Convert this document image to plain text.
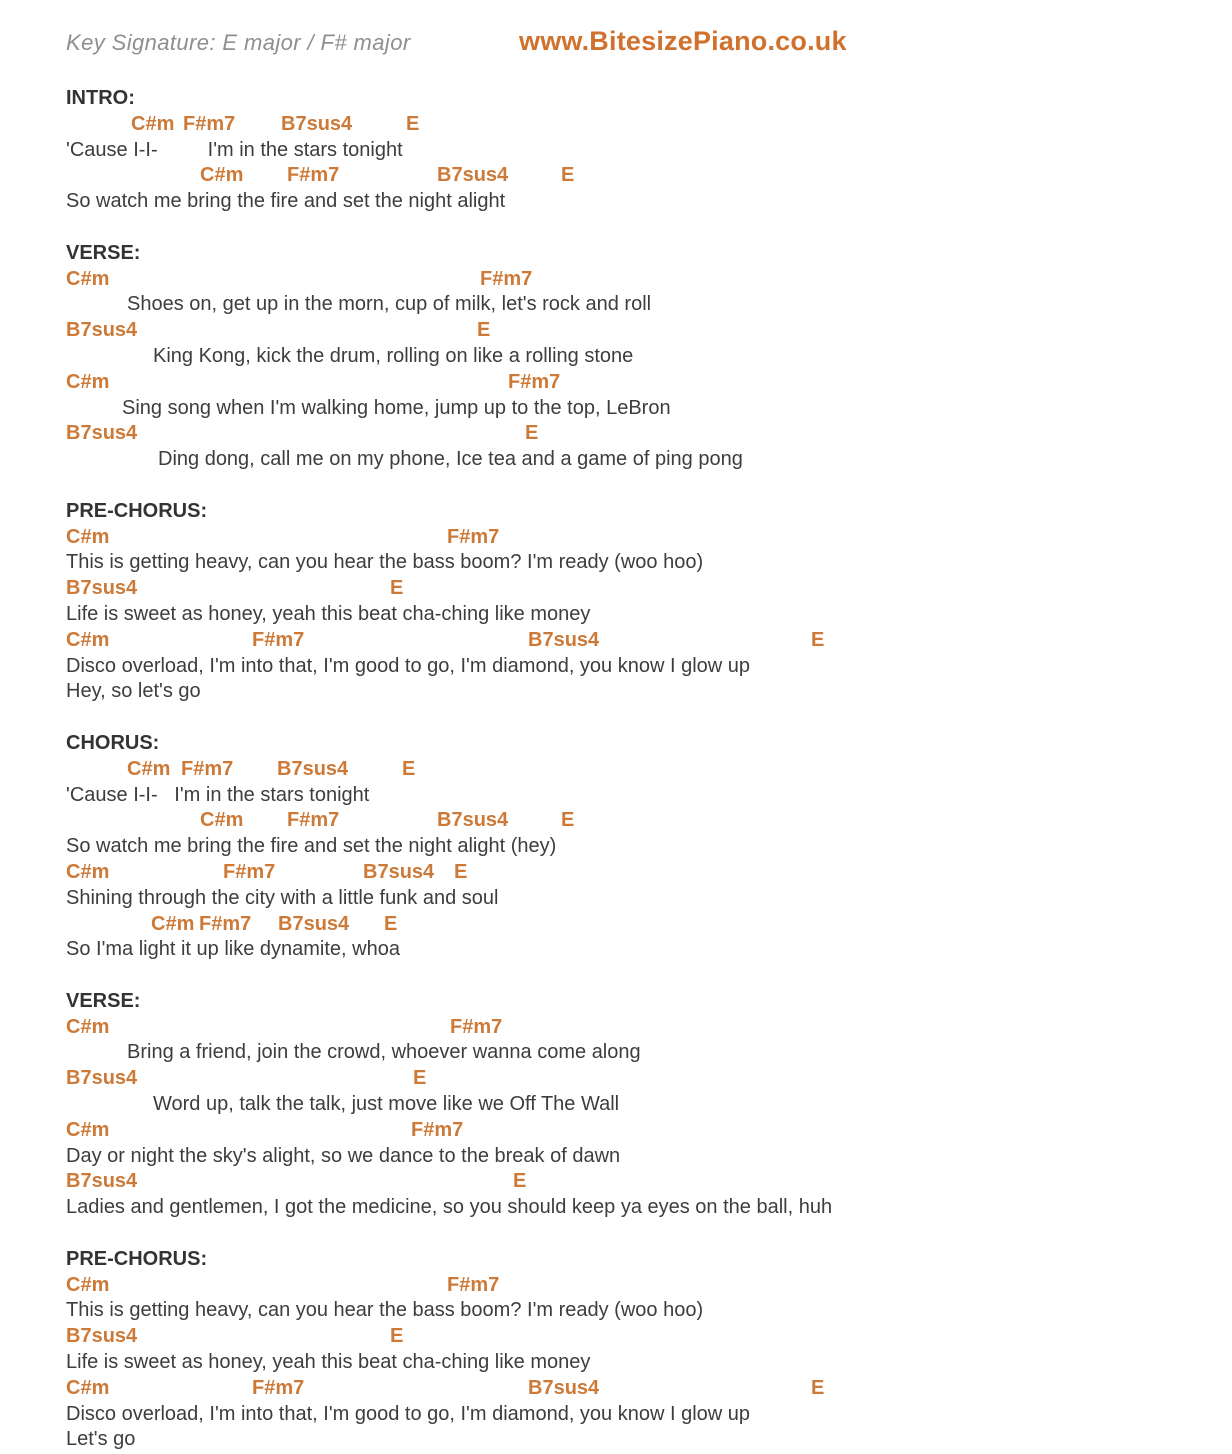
Key Signature: E major / F# major	www.BitesizePiano.co.uk
INTRO:

C#m

F#m7

B7sus4

	E

'Cause I-I-         I'm in the stars tonight

C#m

F#m7

	B7sus4

	E

So watch me bring the fire and set the night alight
VERSE:

C#m

	F#m7

Shoes on, get up in the morn, cup of milk, let's rock and roll

B7sus4

	E

King Kong, kick the drum, rolling on like a rolling stone

C#m

	F#m7

Sing song when I'm walking home, jump up to the top, LeBron

B7sus4

	E

Ding dong, call me on my phone, Ice tea and a game of ping pong
PRE-CHORUS:

C#m

	F#m7

This is getting heavy, can you hear the bass boom? I'm ready (woo hoo)

B7sus4

	E

Life is sweet as honey, yeah this beat cha-ching like money

C#m

	F#m7

	B7sus4

	E

Disco overload, I'm into that, I'm good to go, I'm diamond, you know I glow up
Hey, so let's go
CHORUS:

C#m

F#m7

B7sus4

	E

'Cause I-I-   I'm in the stars tonight

C#m

F#m7

	B7sus4

	E

So watch me bring the fire and set the night alight (hey)

C#m

	F#m7

	B7sus4

E

Shining through the city with a little funk and soul

C#m

F#m7

B7sus4

E

So I'ma light it up like dynamite, whoa
VERSE:

C#m

	F#m7

Bring a friend, join the crowd, whoever wanna come along

B7sus4

	E

Word up, talk the talk, just move like we Off The Wall

C#m

	F#m7

Day or night the sky's alight, so we dance to the break of dawn

B7sus4

	E

Ladies and gentlemen, I got the medicine, so you should keep ya eyes on the ball, huh
PRE-CHORUS:

C#m

	F#m7

This is getting heavy, can you hear the bass boom? I'm ready (woo hoo)

B7sus4

	E

Life is sweet as honey, yeah this beat cha-ching like money

C#m

	F#m7

	B7sus4

	E

Disco overload, I'm into that, I'm good to go, I'm diamond, you know I glow up
Let's go
